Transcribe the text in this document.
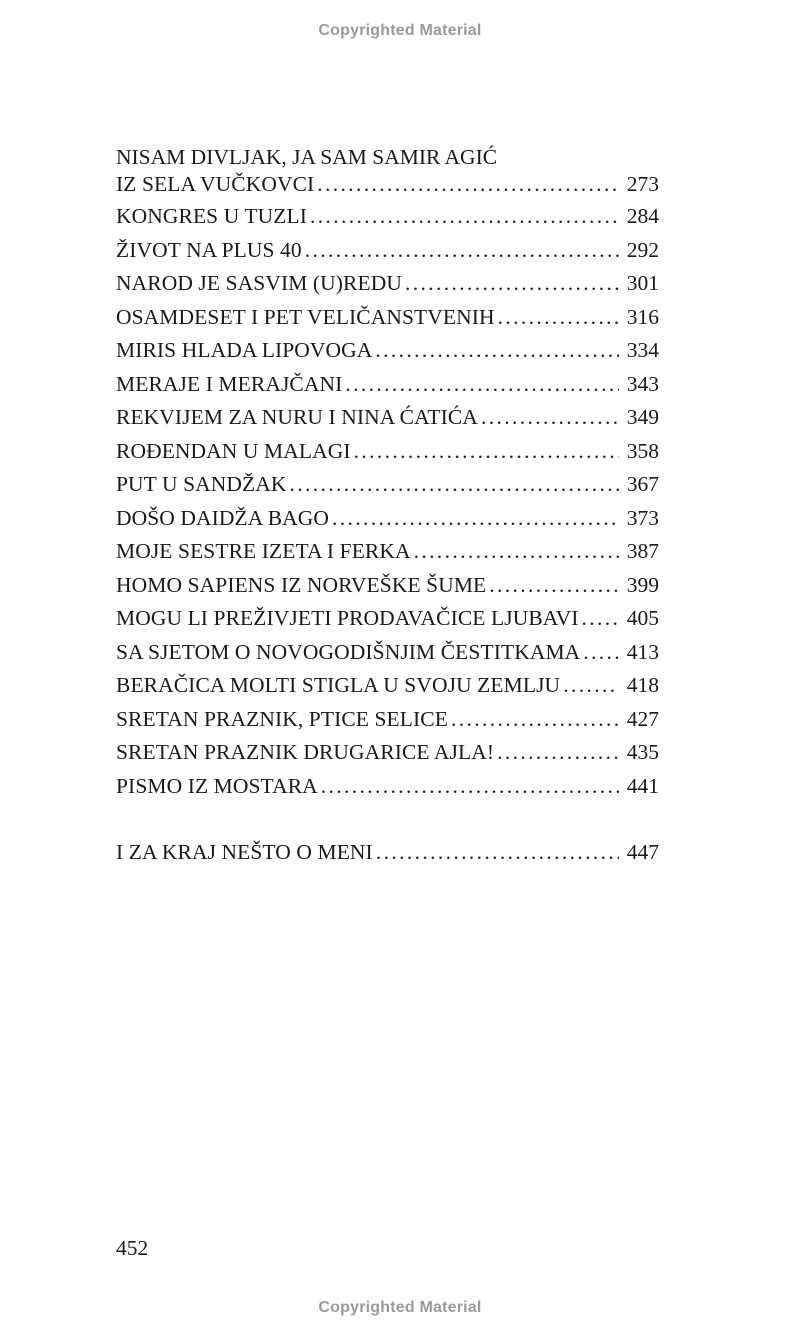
Copyrighted Material
NISAM DIVLJAK, JA SAM SAMIR AGIĆ
IZ SELA VUČKOVCI . . .	273
KONGRES U TUZLI . . .	284
ŽIVOT NA PLUS 40 . . .	292
NAROD JE SASVIM (U)REDU . . .	301
OSAMDESET I PET VELIČANSTVENIH . . .	316
MIRIS HLADA LIPOVOGA . . .	334
MERAJE I MERAJČANI . . .	343
REKVIJEM ZA NURU I NINA ĆATIĆA . . .	349
ROĐENDAN U MALAGI . . .	358
PUT U SANDŽAK . . .	367
DOŠO DAIDŽA BAGO . . .	373
MOJE SESTRE IZETA I FERKA . . .	387
HOMO SAPIENS IZ NORVEŠKE ŠUME . . .	399
MOGU LI PREŽIVJETI PRODAVAČICE LJUBAVI . . . 405
SA SJETOM O NOVOGODIŠNJIM ČESTITKAMA . . . 413
BERAČICA MOLTI STIGLA U SVOJU ZEMLJU . . .	418
SRETAN PRAZNIK, PTICE SELICE . . .	427
SRETAN PRAZNIK DRUGARICE AJLA! . . .	435
PISMO IZ MOSTARA . . .	441
I ZA KRAJ NEŠTO O MENI . . .	447
452
Copyrighted Material
